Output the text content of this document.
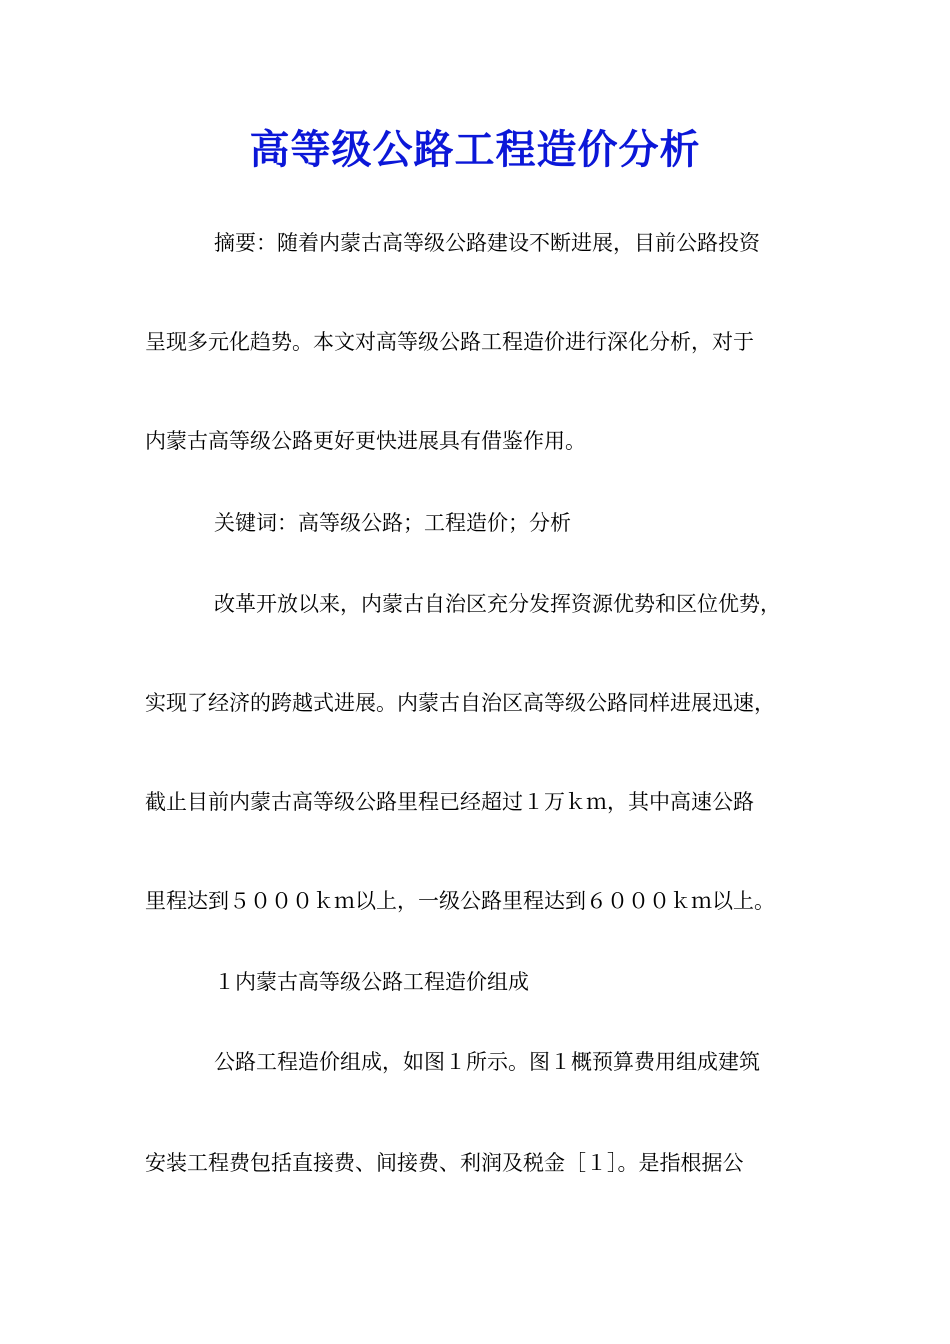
高等级公路工程造价分析
摘要：随着内蒙古高等级公路建设不断进展，目前公路投资
呈现多元化趋势。本文对高等级公路工程造价进行深化分析，对于
内蒙古高等级公路更好更快进展具有借鉴作用。
关键词：高等级公路；工程造价；分析
改革开放以来，内蒙古自治区充分发挥资源优势和区位优势，
实现了经济的跨越式进展。内蒙古自治区高等级公路同样进展迅速，
截止目前内蒙古高等级公路里程已经超过１万ｋｍ，其中高速公路
里程达到５０００ｋｍ以上，一级公路里程达到６０００ｋｍ以上。
１内蒙古高等级公路工程造价组成
公路工程造价组成，如图１所示。图１概预算费用组成建筑
安装工程费包括直接费、间接费、利润及税金［１］。是指根据公
